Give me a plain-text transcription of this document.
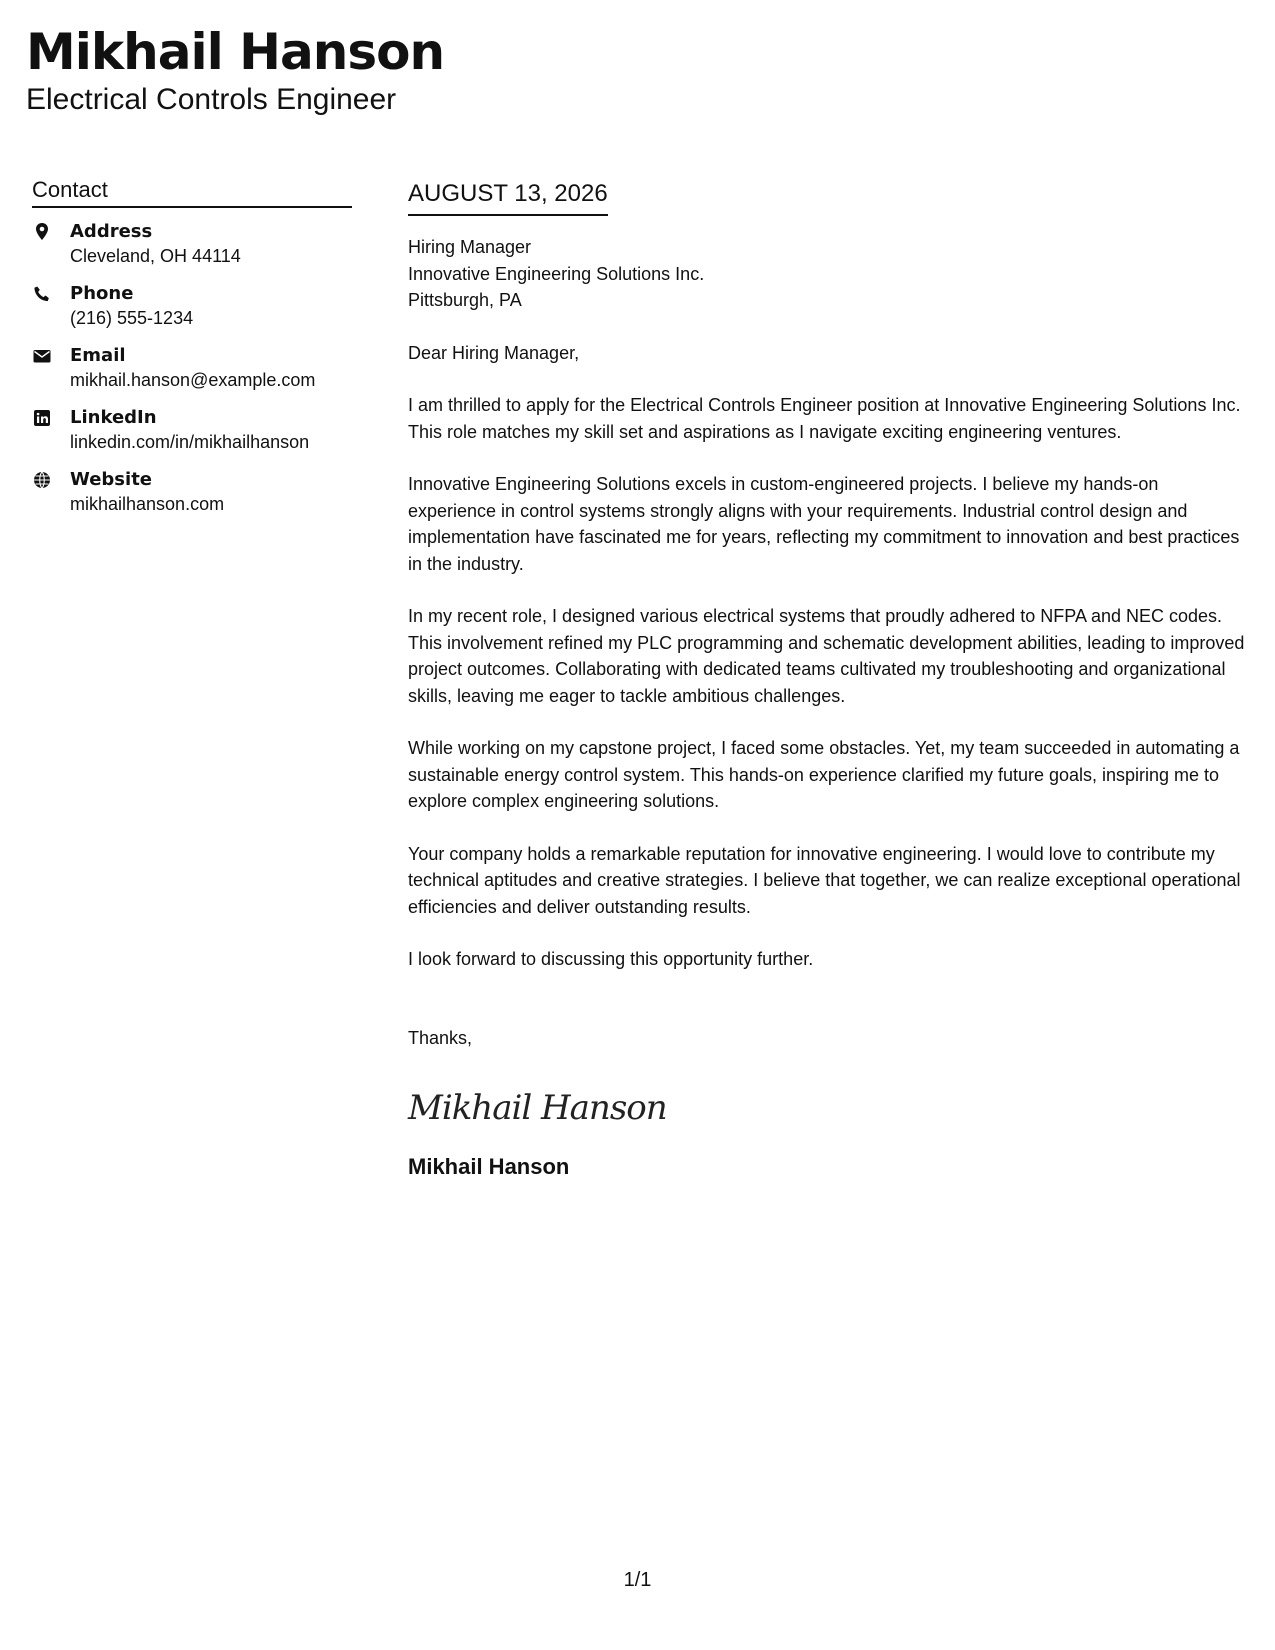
Mikhail Hanson
Electrical Controls Engineer
Contact
Address
Cleveland, OH 44114
Phone
(216) 555-1234
Email
mikhail.hanson@example.com
LinkedIn
linkedin.com/in/mikhailhanson
Website
mikhailhanson.com
AUGUST 13, 2026
Hiring Manager
Innovative Engineering Solutions Inc.
Pittsburgh, PA
Dear Hiring Manager,
I am thrilled to apply for the Electrical Controls Engineer position at Innovative Engineering Solutions Inc. This role matches my skill set and aspirations as I navigate exciting engineering ventures.
Innovative Engineering Solutions excels in custom-engineered projects. I believe my hands-on experience in control systems strongly aligns with your requirements. Industrial control design and implementation have fascinated me for years, reflecting my commitment to innovation and best practices in the industry.
In my recent role, I designed various electrical systems that proudly adhered to NFPA and NEC codes. This involvement refined my PLC programming and schematic development abilities, leading to improved project outcomes. Collaborating with dedicated teams cultivated my troubleshooting and organizational skills, leaving me eager to tackle ambitious challenges.
While working on my capstone project, I faced some obstacles. Yet, my team succeeded in automating a sustainable energy control system. This hands-on experience clarified my future goals, inspiring me to explore complex engineering solutions.
Your company holds a remarkable reputation for innovative engineering. I would love to contribute my technical aptitudes and creative strategies. I believe that together, we can realize exceptional operational efficiencies and deliver outstanding results.
I look forward to discussing this opportunity further.
Thanks,
Mikhail Hanson
Mikhail Hanson
1/1
